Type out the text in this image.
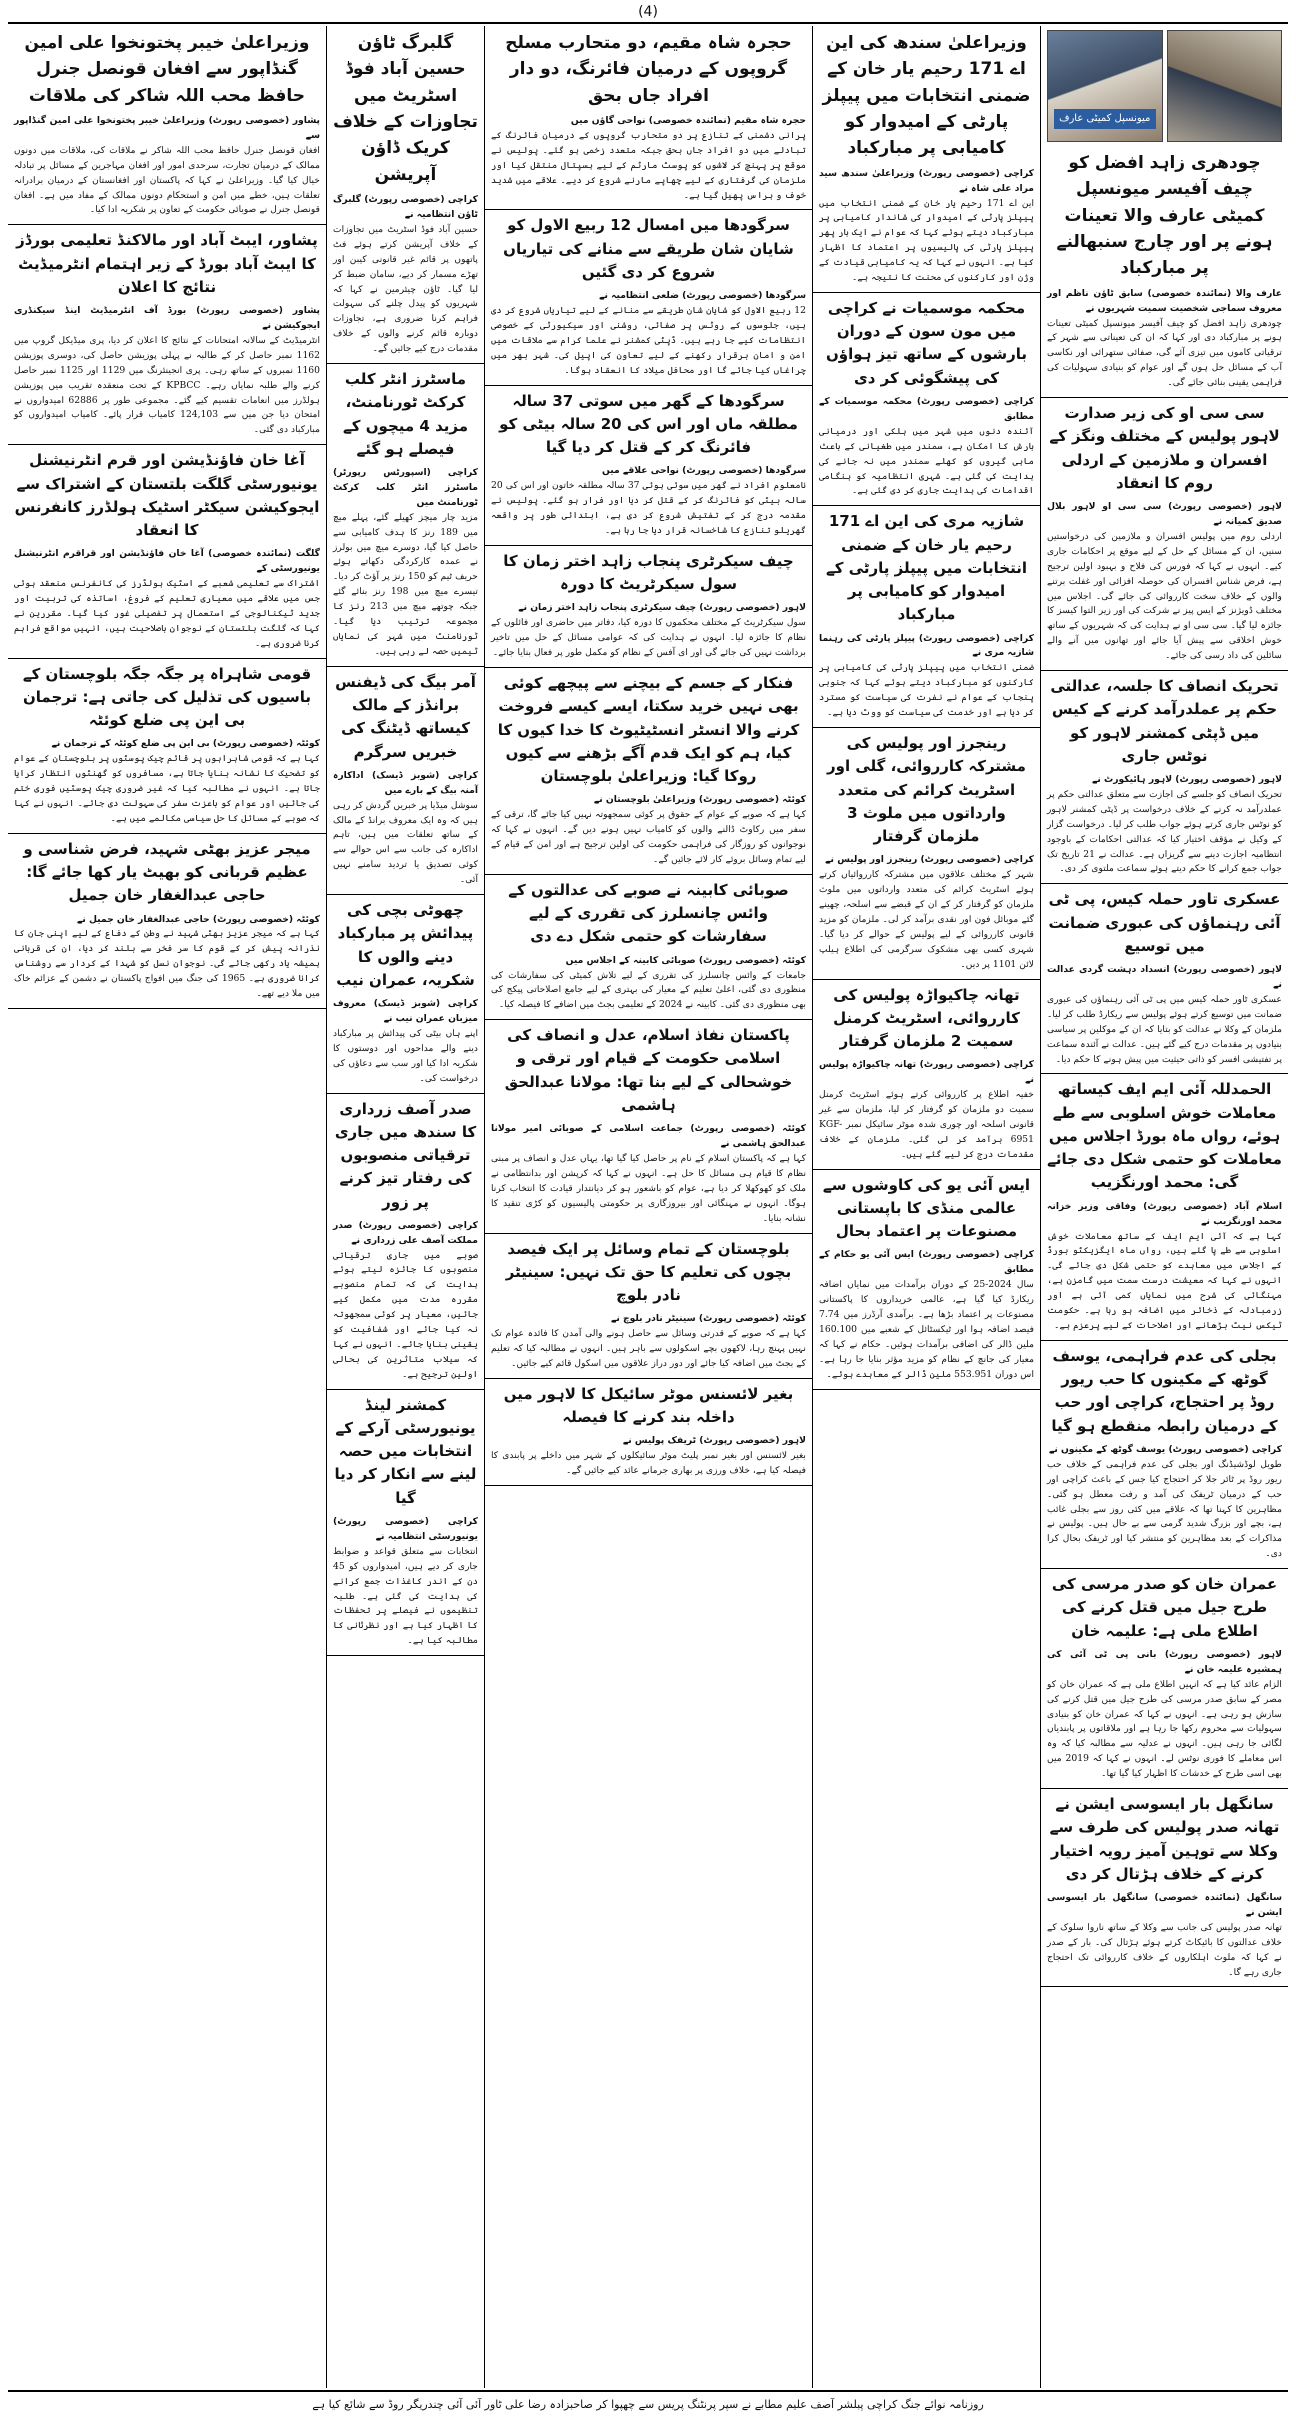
(4)
میونسپل کمیٹی عارف
چودھری زاہد افضل کو چیف آفیسر میونسپل کمیٹی عارف والا تعینات ہونے پر اور چارج سنبھالنے پر مبارکباد

عارف والا (نمائندہ خصوصی) سابق ٹاؤن ناظم اور معروف سماجی شخصیت سمیت شہریوں نے

چودھری زاہد افضل کو چیف آفیسر میونسپل کمیٹی تعینات ہونے پر مبارکباد دی اور کہا کہ ان کی تعیناتی سے شہر کے ترقیاتی کاموں میں تیزی آئے گی، صفائی ستھرائی اور نکاسی آب کے مسائل حل ہوں گے اور عوام کو بنیادی سہولیات کی فراہمی یقینی بنائی جائے گی۔

سی سی او کی زیر صدارت لاہور پولیس کے مختلف ونگز کے افسران و ملازمین کے اردلی روم کا انعقاد

لاہور (خصوصی رپورٹ) سی سی او لاہور بلال صدیق کمیانہ نے

اردلی روم میں پولیس افسران و ملازمین کی درخواستیں سنیں، ان کے مسائل کے حل کے لیے موقع پر احکامات جاری کیے۔ انہوں نے کہا کہ فورس کی فلاح و بہبود اولین ترجیح ہے، فرض شناس افسران کی حوصلہ افزائی اور غفلت برتنے والوں کے خلاف سخت کارروائی کی جائے گی۔ اجلاس میں مختلف ڈویژنز کے ایس پیز نے شرکت کی اور زیر التوا کیسز کا جائزہ لیا گیا۔ سی سی او نے ہدایت کی کہ شہریوں کے ساتھ خوش اخلاقی سے پیش آیا جائے اور تھانوں میں آنے والے سائلین کی داد رسی کی جائے۔

تحریک انصاف کا جلسہ، عدالتی حکم پر عملدرآمد کرنے کے کیس میں ڈپٹی کمشنر لاہور کو نوٹس جاری

لاہور (خصوصی رپورٹ) لاہور ہائیکورٹ نے

تحریک انصاف کو جلسے کی اجازت سے متعلق عدالتی حکم پر عملدرآمد نہ کرنے کے خلاف درخواست پر ڈپٹی کمشنر لاہور کو نوٹس جاری کرتے ہوئے جواب طلب کر لیا۔ درخواست گزار کے وکیل نے مؤقف اختیار کیا کہ عدالتی احکامات کے باوجود انتظامیہ اجازت دینے سے گریزاں ہے۔ عدالت نے 21 تاریخ تک جواب جمع کرانے کا حکم دیتے ہوئے سماعت ملتوی کر دی۔

عسکری تاور حملہ کیس، پی ٹی آئی رہنماؤں کی عبوری ضمانت میں توسیع

لاہور (خصوصی رپورٹ) انسداد دہشت گردی عدالت نے

عسکری ٹاور حملہ کیس میں پی ٹی آئی رہنماؤں کی عبوری ضمانت میں توسیع کرتے ہوئے پولیس سے ریکارڈ طلب کر لیا۔ ملزمان کے وکلا نے عدالت کو بتایا کہ ان کے موکلین پر سیاسی بنیادوں پر مقدمات درج کیے گئے ہیں۔ عدالت نے آئندہ سماعت پر تفتیشی افسر کو ذاتی حیثیت میں پیش ہونے کا حکم دیا۔

الحمدللہ آئی ایم ایف کیساتھ معاملات خوش اسلوبی سے طے ہوئے، رواں ماہ بورڈ اجلاس میں معاملات کو حتمی شکل دی جائے گی: محمد اورنگزیب

اسلام آباد (خصوصی رپورٹ) وفاقی وزیر خزانہ محمد اورنگزیب نے

کہا ہے کہ آئی ایم ایف کے ساتھ معاملات خوش اسلوبی سے طے پا گئے ہیں، رواں ماہ ایگزیکٹو بورڈ کے اجلاس میں معاہدے کو حتمی شکل دی جائے گی۔ انہوں نے کہا کہ معیشت درست سمت میں گامزن ہے، مہنگائی کی شرح میں نمایاں کمی آئی ہے اور زرمبادلہ کے ذخائر میں اضافہ ہو رہا ہے۔ حکومت ٹیکس نیٹ بڑھانے اور اصلاحات کے لیے پرعزم ہے۔

بجلی کی عدم فراہمی، یوسف گوٹھ کے مکینوں کا حب ریور روڈ پر احتجاج، کراچی اور حب کے درمیان رابطہ منقطع ہو گیا

کراچی (خصوصی رپورٹ) یوسف گوٹھ کے مکینوں نے

طویل لوڈشیڈنگ اور بجلی کی عدم فراہمی کے خلاف حب ریور روڈ پر ٹائر جلا کر احتجاج کیا جس کے باعث کراچی اور حب کے درمیان ٹریفک کی آمد و رفت معطل ہو گئی۔ مظاہرین کا کہنا تھا کہ علاقے میں کئی روز سے بجلی غائب ہے، بچے اور بزرگ شدید گرمی سے بے حال ہیں۔ پولیس نے مذاکرات کے بعد مظاہرین کو منتشر کیا اور ٹریفک بحال کرا دی۔

عمران خان کو صدر مرسی کی طرح جیل میں قتل کرنے کی اطلاع ملی ہے: علیمہ خان

لاہور (خصوصی رپورٹ) بانی پی ٹی آئی کی ہمشیرہ علیمہ خان نے

الزام عائد کیا ہے کہ انہیں اطلاع ملی ہے کہ عمران خان کو مصر کے سابق صدر مرسی کی طرح جیل میں قتل کرنے کی سازش ہو رہی ہے۔ انہوں نے کہا کہ عمران خان کو بنیادی سہولیات سے محروم رکھا جا رہا ہے اور ملاقاتوں پر پابندیاں لگائی جا رہی ہیں۔ انہوں نے عدلیہ سے مطالبہ کیا کہ وہ اس معاملے کا فوری نوٹس لے۔ انہوں نے کہا کہ 2019 میں بھی اسی طرح کے خدشات کا اظہار کیا گیا تھا۔

سانگھل بار ایسوسی ایشن نے تھانہ صدر پولیس کی طرف سے وکلا سے توہین آمیز رویہ اختیار کرنے کے خلاف ہڑتال کر دی

سانگھل (نمائندہ خصوصی) سانگھل بار ایسوسی ایشن نے

تھانہ صدر پولیس کی جانب سے وکلا کے ساتھ ناروا سلوک کے خلاف عدالتوں کا بائیکاٹ کرتے ہوئے ہڑتال کی۔ بار کے صدر نے کہا کہ ملوث اہلکاروں کے خلاف کارروائی تک احتجاج جاری رہے گا۔

وزیراعلیٰ سندھ کی این اے 171 رحیم یار خان کے ضمنی انتخابات میں پیپلز پارٹی کے امیدوار کو کامیابی پر مبارکباد

کراچی (خصوصی رپورٹ) وزیراعلیٰ سندھ سید مراد علی شاہ نے

این اے 171 رحیم یار خان کے ضمنی انتخاب میں پیپلز پارٹی کے امیدوار کی شاندار کامیابی پر مبارکباد دیتے ہوئے کہا کہ عوام نے ایک بار پھر پیپلز پارٹی کی پالیسیوں پر اعتماد کا اظہار کیا ہے۔ انہوں نے کہا کہ یہ کامیابی قیادت کے وژن اور کارکنوں کی محنت کا نتیجہ ہے۔

محکمہ موسمیات نے کراچی میں مون سون کے دوران بارشوں کے ساتھ تیز ہواؤں کی پیشگوئی کر دی

کراچی (خصوصی رپورٹ) محکمہ موسمیات کے مطابق

آئندہ دنوں میں شہر میں ہلکی اور درمیانی بارش کا امکان ہے، سمندر میں طغیانی کے باعث ماہی گیروں کو کھلے سمندر میں نہ جانے کی ہدایت کی گئی ہے۔ شہری انتظامیہ کو ہنگامی اقدامات کی ہدایت جاری کر دی گئی ہے۔

شازیہ مری کی این اے 171 رحیم یار خان کے ضمنی انتخابات میں پیپلز پارٹی کے امیدوار کو کامیابی پر مبارکباد

کراچی (خصوصی رپورٹ) پیپلز پارٹی کی رہنما شازیہ مری نے

ضمنی انتخاب میں پیپلز پارٹی کی کامیابی پر کارکنوں کو مبارکباد دیتے ہوئے کہا کہ جنوبی پنجاب کے عوام نے نفرت کی سیاست کو مسترد کر دیا ہے اور خدمت کی سیاست کو ووٹ دیا ہے۔

رینجرز اور پولیس کی مشترکہ کارروائی، گلی اور اسٹریٹ کرائم کی متعدد وارداتوں میں ملوث 3 ملزمان گرفتار

کراچی (خصوصی رپورٹ) رینجرز اور پولیس نے

شہر کے مختلف علاقوں میں مشترکہ کارروائیاں کرتے ہوئے اسٹریٹ کرائم کی متعدد وارداتوں میں ملوث ملزمان کو گرفتار کر کے ان کے قبضے سے اسلحہ، چھینے گئے موبائل فون اور نقدی برآمد کر لی۔ ملزمان کو مزید قانونی کارروائی کے لیے پولیس کے حوالے کر دیا گیا۔ شہری کسی بھی مشکوک سرگرمی کی اطلاع ہیلپ لائن 1101 پر دیں۔

تھانہ چاکیواڑہ پولیس کی کارروائی، اسٹریٹ کرمنل سمیت 2 ملزمان گرفتار

کراچی (خصوصی رپورٹ) تھانہ چاکیواڑہ پولیس نے

خفیہ اطلاع پر کارروائی کرتے ہوئے اسٹریٹ کرمنل سمیت دو ملزمان کو گرفتار کر لیا، ملزمان سے غیر قانونی اسلحہ اور چوری شدہ موٹر سائیکل نمبر KGF-6951 برآمد کر لی گئی۔ ملزمان کے خلاف مقدمات درج کر لیے گئے ہیں۔

ایس آئی یو کی کاوشوں سے عالمی منڈی کا باپستانی مصنوعات پر اعتماد بحال

کراچی (خصوصی رپورٹ) ایس آئی یو حکام کے مطابق

سال 2024-25 کے دوران برآمدات میں نمایاں اضافہ ریکارڈ کیا گیا ہے، عالمی خریداروں کا پاکستانی مصنوعات پر اعتماد بڑھا ہے۔ برآمدی آرڈرز میں 7.74 فیصد اضافہ ہوا اور ٹیکسٹائل کے شعبے میں 160.100 ملین ڈالر کی اضافی برآمدات ہوئیں۔ حکام نے کہا کہ معیار کی جانچ کے نظام کو مزید مؤثر بنایا جا رہا ہے۔ اس دوران 553.951 ملین ڈالر کے معاہدے ہوئے۔

حجرہ شاہ مقیم، دو متحارب مسلح گروپوں کے درمیان فائرنگ، دو دار افراد جاں بحق

حجرہ شاہ مقیم (نمائندہ خصوصی) نواحی گاؤں میں

پرانی دشمنی کے تنازع پر دو متحارب گروپوں کے درمیان فائرنگ کے تبادلے میں دو افراد جاں بحق جبکہ متعدد زخمی ہو گئے۔ پولیس نے موقع پر پہنچ کر لاشوں کو پوسٹ مارٹم کے لیے ہسپتال منتقل کیا اور ملزمان کی گرفتاری کے لیے چھاپے مارنے شروع کر دیے۔ علاقے میں شدید خوف و ہراس پھیل گیا ہے۔

سرگودھا میں امسال 12 ربیع الاول کو شایان شان طریقے سے منانے کی تیاریاں شروع کر دی گئیں

سرگودھا (خصوصی رپورٹ) ضلعی انتظامیہ نے

12 ربیع الاول کو شایان شان طریقے سے منانے کے لیے تیاریاں شروع کر دی ہیں، جلوسوں کے روٹس پر صفائی، روشنی اور سیکیورٹی کے خصوصی انتظامات کیے جا رہے ہیں۔ ڈپٹی کمشنر نے علما کرام سے ملاقات میں امن و امان برقرار رکھنے کے لیے تعاون کی اپیل کی۔ شہر بھر میں چراغاں کیا جائے گا اور محافل میلاد کا انعقاد ہوگا۔

سرگودھا کے گھر میں سوتی 37 سالہ مطلقہ ماں اور اس کی 20 سالہ بیٹی کو فائرنگ کر کے قتل کر دیا گیا

سرگودھا (خصوصی رپورٹ) نواحی علاقے میں

نامعلوم افراد نے گھر میں سوئی ہوئی 37 سالہ مطلقہ خاتون اور اس کی 20 سالہ بیٹی کو فائرنگ کر کے قتل کر دیا اور فرار ہو گئے۔ پولیس نے مقدمہ درج کر کے تفتیش شروع کر دی ہے، ابتدائی طور پر واقعہ گھریلو تنازع کا شاخسانہ قرار دیا جا رہا ہے۔

چیف سیکرٹری پنجاب زاہد اختر زمان کا سول سیکرٹریٹ کا دورہ

لاہور (خصوصی رپورٹ) چیف سیکرٹری پنجاب زاہد اختر زمان نے

سول سیکرٹریٹ کے مختلف محکموں کا دورہ کیا، دفاتر میں حاضری اور فائلوں کے نظام کا جائزہ لیا۔ انہوں نے ہدایت کی کہ عوامی مسائل کے حل میں تاخیر برداشت نہیں کی جائے گی اور ای آفس کے نظام کو مکمل طور پر فعال بنایا جائے۔

فنکار کے جسم کے بیچنے سے پیچھے کوئی بھی نہیں خرید سکتا، ایسے کیسے فروخت کرنے والا انسٹر انسٹیٹیوٹ کا خدا کیوں کا کیا، ہم کو ایک قدم آگے بڑھنے سے کیوں روکا گیا: وزیراعلیٰ بلوچستان

کوئٹہ (خصوصی رپورٹ) وزیراعلیٰ بلوچستان نے

کہا ہے کہ صوبے کے عوام کے حقوق پر کوئی سمجھوتہ نہیں کیا جائے گا، ترقی کے سفر میں رکاوٹ ڈالنے والوں کو کامیاب نہیں ہونے دیں گے۔ انہوں نے کہا کہ نوجوانوں کو روزگار کی فراہمی حکومت کی اولین ترجیح ہے اور امن کے قیام کے لیے تمام وسائل بروئے کار لائے جائیں گے۔

صوبائی کابینہ نے صوبے کی عدالتوں کے وائس چانسلرز کی تقرری کے لیے سفارشات کو حتمی شکل دے دی

کوئٹہ (خصوصی رپورٹ) صوبائی کابینہ کے اجلاس میں

جامعات کے وائس چانسلرز کی تقرری کے لیے تلاش کمیٹی کی سفارشات کی منظوری دی گئی، اعلیٰ تعلیم کے معیار کی بہتری کے لیے جامع اصلاحاتی پیکج کی بھی منظوری دی گئی۔ کابینہ نے 2024 کے تعلیمی بجٹ میں اضافے کا فیصلہ کیا۔

پاکستان نفاذ اسلام، عدل و انصاف کی اسلامی حکومت کے قیام اور ترقی و خوشحالی کے لیے بنا تھا: مولانا عبدالحق ہاشمی

کوئٹہ (خصوصی رپورٹ) جماعت اسلامی کے صوبائی امیر مولانا عبدالحق ہاشمی نے

کہا ہے کہ پاکستان اسلام کے نام پر حاصل کیا گیا تھا، یہاں عدل و انصاف پر مبنی نظام کا قیام ہی مسائل کا حل ہے۔ انہوں نے کہا کہ کرپشن اور بدانتظامی نے ملک کو کھوکھلا کر دیا ہے، عوام کو باشعور ہو کر دیانتدار قیادت کا انتخاب کرنا ہوگا۔ انہوں نے مہنگائی اور بیروزگاری پر حکومتی پالیسیوں کو کڑی تنقید کا نشانہ بنایا۔

بلوچستان کے تمام وسائل پر ایک فیصد بچوں کی تعلیم کا حق تک نہیں: سینیٹر نادر بلوچ

کوئٹہ (خصوصی رپورٹ) سینیٹر نادر بلوچ نے

کہا ہے کہ صوبے کے قدرتی وسائل سے حاصل ہونے والی آمدن کا فائدہ عوام تک نہیں پہنچ رہا، لاکھوں بچے اسکولوں سے باہر ہیں۔ انہوں نے مطالبہ کیا کہ تعلیم کے بجٹ میں اضافہ کیا جائے اور دور دراز علاقوں میں اسکول قائم کیے جائیں۔

بغیر لائسنس موٹر سائیکل کا لاہور میں داخلہ بند کرنے کا فیصلہ

لاہور (خصوصی رپورٹ) ٹریفک پولیس نے

بغیر لائسنس اور بغیر نمبر پلیٹ موٹر سائیکلوں کے شہر میں داخلے پر پابندی کا فیصلہ کیا ہے، خلاف ورزی پر بھاری جرمانے عائد کیے جائیں گے۔

گلبرگ ٹاؤن حسین آباد فوڈ اسٹریٹ میں تجاوزات کے خلاف کریک ڈاؤن آپریشن

کراچی (خصوصی رپورٹ) گلبرگ ٹاؤن انتظامیہ نے

حسین آباد فوڈ اسٹریٹ میں تجاوزات کے خلاف آپریشن کرتے ہوئے فٹ پاتھوں پر قائم غیر قانونی کیبن اور تھڑے مسمار کر دیے، سامان ضبط کر لیا گیا۔ ٹاؤن چیئرمین نے کہا کہ شہریوں کو پیدل چلنے کی سہولت فراہم کرنا ضروری ہے، تجاوزات دوبارہ قائم کرنے والوں کے خلاف مقدمات درج کیے جائیں گے۔

ماسٹرز انٹر کلب کرکٹ ٹورنامنٹ، مزید 4 میچوں کے فیصلے ہو گئے

کراچی (اسپورٹس رپورٹر) ماسٹرز انٹر کلب کرکٹ ٹورنامنٹ میں

مزید چار میچز کھیلے گئے، پہلے میچ میں 189 رنز کا ہدف کامیابی سے حاصل کیا گیا، دوسرے میچ میں بولرز نے عمدہ کارکردگی دکھاتے ہوئے حریف ٹیم کو 150 رنز پر آؤٹ کر دیا۔ تیسرے میچ میں 198 رنز بنائے گئے جبکہ چوتھے میچ میں 213 رنز کا مجموعہ ترتیب دیا گیا۔ ٹورنامنٹ میں شہر کی نمایاں ٹیمیں حصہ لے رہی ہیں۔

آمر بیگ کی ڈیفنس برانڈز کے مالک کیساتھ ڈیٹنگ کی خبریں سرگرم

کراچی (شوبز ڈیسک) اداکارہ آمنہ بیگ کے بارے میں

سوشل میڈیا پر خبریں گردش کر رہی ہیں کہ وہ ایک معروف برانڈ کے مالک کے ساتھ تعلقات میں ہیں، تاہم اداکارہ کی جانب سے اس حوالے سے کوئی تصدیق یا تردید سامنے نہیں آئی۔

چھوٹی بچی کی پیدائش پر مبارکباد دینے والوں کا شکریہ، عمران نیب

کراچی (شوبز ڈیسک) معروف میزبان عمران نیب نے

اپنے ہاں بیٹی کی پیدائش پر مبارکباد دینے والے مداحوں اور دوستوں کا شکریہ ادا کیا اور سب سے دعاؤں کی درخواست کی۔

صدر آصف زرداری کا سندھ میں جاری ترقیاتی منصوبوں کی رفتار تیز کرنے پر زور

کراچی (خصوصی رپورٹ) صدر مملکت آصف علی زرداری نے

صوبے میں جاری ترقیاتی منصوبوں کا جائزہ لیتے ہوئے ہدایت کی کہ تمام منصوبے مقررہ مدت میں مکمل کیے جائیں، معیار پر کوئی سمجھوتہ نہ کیا جائے اور شفافیت کو یقینی بنایا جائے۔ انہوں نے کہا کہ سیلاب متاثرین کی بحالی اولین ترجیح ہے۔

کمشنر لینڈ یونیورسٹی آرکے کے انتخابات میں حصہ لینے سے انکار کر دیا گیا

کراچی (خصوصی رپورٹ) یونیورسٹی انتظامیہ نے

انتخابات سے متعلق قواعد و ضوابط جاری کر دیے ہیں، امیدواروں کو 45 دن کے اندر کاغذات جمع کرانے کی ہدایت کی گئی ہے۔ طلبہ تنظیموں نے فیصلے پر تحفظات کا اظہار کیا ہے اور نظرثانی کا مطالبہ کیا ہے۔

وزیراعلیٰ خیبر پختونخوا علی امین گنڈاپور سے افغان قونصل جنرل حافظ محب اللہ شاکر کی ملاقات

پشاور (خصوصی رپورٹ) وزیراعلیٰ خیبر پختونخوا علی امین گنڈاپور سے

افغان قونصل جنرل حافظ محب اللہ شاکر نے ملاقات کی، ملاقات میں دونوں ممالک کے درمیان تجارت، سرحدی امور اور افغان مہاجرین کے مسائل پر تبادلہ خیال کیا گیا۔ وزیراعلیٰ نے کہا کہ پاکستان اور افغانستان کے درمیان برادرانہ تعلقات ہیں، خطے میں امن و استحکام دونوں ممالک کے مفاد میں ہے۔ افغان قونصل جنرل نے صوبائی حکومت کے تعاون پر شکریہ ادا کیا۔

پشاور، ایبٹ آباد اور مالاکنڈ تعلیمی بورڈز کا ایبٹ آباد بورڈ کے زیر اہتمام انٹرمیڈیٹ نتائج کا اعلان

پشاور (خصوصی رپورٹ) بورڈ آف انٹرمیڈیٹ اینڈ سیکنڈری ایجوکیشن نے

انٹرمیڈیٹ کے سالانہ امتحانات کے نتائج کا اعلان کر دیا، پری میڈیکل گروپ میں 1162 نمبر حاصل کر کے طالبہ نے پہلی پوزیشن حاصل کی، دوسری پوزیشن 1160 نمبروں کے ساتھ رہی۔ پری انجینئرنگ میں 1129 اور 1125 نمبر حاصل کرنے والے طلبہ نمایاں رہے۔ KPBCC کے تحت منعقدہ تقریب میں پوزیشن ہولڈرز میں انعامات تقسیم کیے گئے۔ مجموعی طور پر 62886 امیدواروں نے امتحان دیا جن میں سے 124,103 کامیاب قرار پائے۔ کامیاب امیدواروں کو مبارکباد دی گئی۔

آغا خان فاؤنڈیشن اور قرم انٹرنیشنل یونیورسٹی گلگت بلتستان کے اشتراک سے ایجوکیشن سیکٹر اسٹیک ہولڈرز کانفرنس کا انعقاد

گلگت (نمائندہ خصوصی) آغا خان فاؤنڈیشن اور قراقرم انٹرنیشنل یونیورسٹی کے

اشتراک سے تعلیمی شعبے کے اسٹیک ہولڈرز کی کانفرنس منعقد ہوئی جس میں علاقے میں معیاری تعلیم کے فروغ، اساتذہ کی تربیت اور جدید ٹیکنالوجی کے استعمال پر تفصیلی غور کیا گیا۔ مقررین نے کہا کہ گلگت بلتستان کے نوجوان باصلاحیت ہیں، انہیں مواقع فراہم کرنا ضروری ہے۔

قومی شاہراہ پر جگہ جگہ بلوچستان کے باسیوں کی تذلیل کی جاتی ہے: ترجمان بی این پی ضلع کوئٹہ

کوئٹہ (خصوصی رپورٹ) بی این پی ضلع کوئٹہ کے ترجمان نے

کہا ہے کہ قومی شاہراہوں پر قائم چیک پوسٹوں پر بلوچستان کے عوام کو تضحیک کا نشانہ بنایا جاتا ہے، مسافروں کو گھنٹوں انتظار کرایا جاتا ہے۔ انہوں نے مطالبہ کیا کہ غیر ضروری چیک پوسٹیں فوری ختم کی جائیں اور عوام کو باعزت سفر کی سہولت دی جائے۔ انہوں نے کہا کہ صوبے کے مسائل کا حل سیاسی مکالمے میں ہے۔

میجر عزیز بھٹی شہید، فرض شناسی و عظیم قربانی کو بھیٹ یار کھا جائے گا: حاجی عبدالغفار خان جمیل

کوئٹہ (خصوصی رپورٹ) حاجی عبدالغفار خان جمیل نے

کہا ہے کہ میجر عزیز بھٹی شہید نے وطن کے دفاع کے لیے اپنی جان کا نذرانہ پیش کر کے قوم کا سر فخر سے بلند کر دیا، ان کی قربانی ہمیشہ یاد رکھی جائے گی۔ نوجوان نسل کو شہدا کے کردار سے روشناس کرانا ضروری ہے۔ 1965 کی جنگ میں افواج پاکستان نے دشمن کے عزائم خاک میں ملا دیے تھے۔

روزنامہ نوائے جنگ کراچی پبلشر آصف علیم مطابے نے سپر پرنٹنگ پریس سے چھپوا کر صاحبزادہ رضا علی ٹاور آئی آئی چندریگر روڈ سے شائع کیا ہے
